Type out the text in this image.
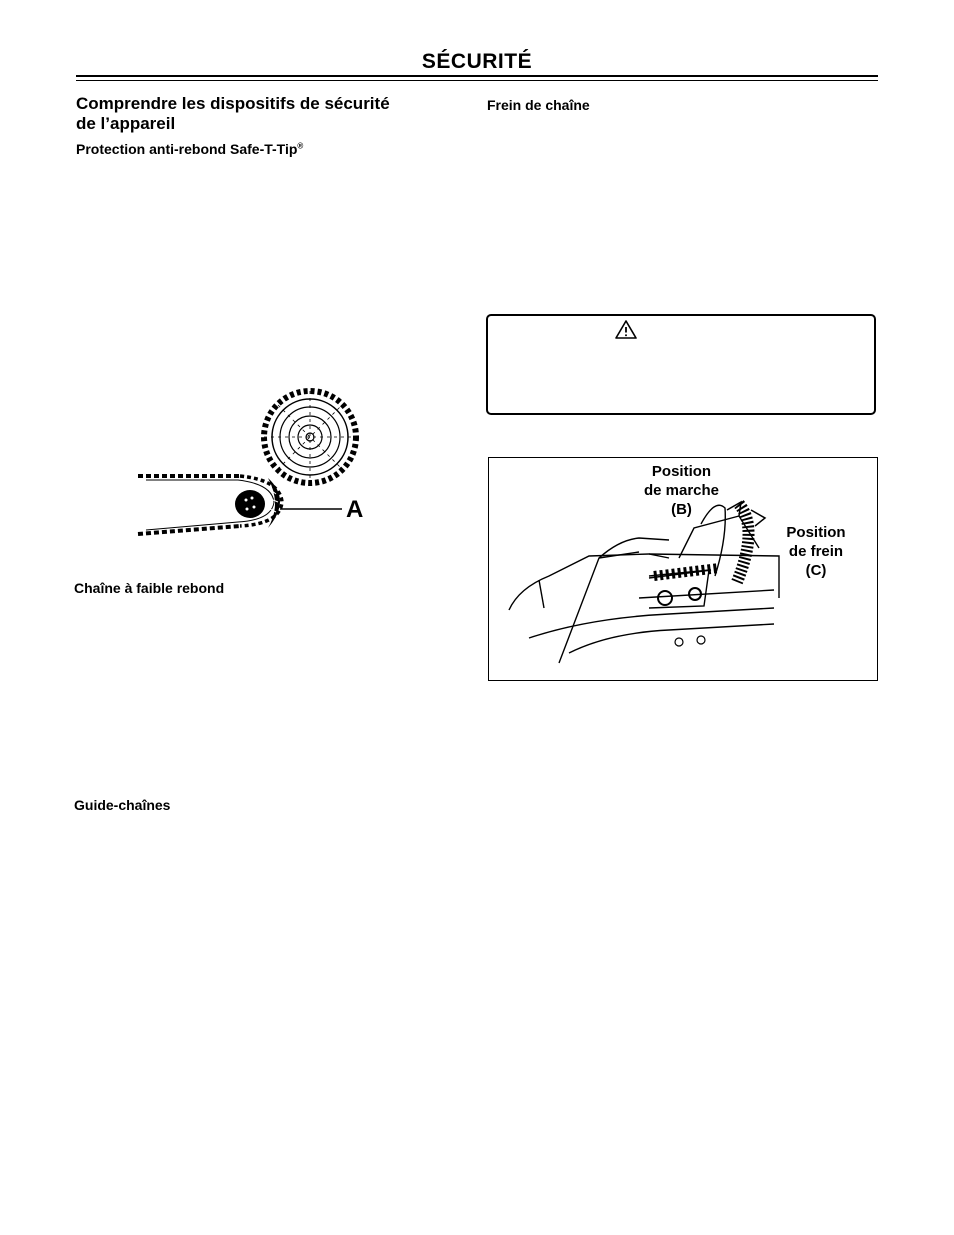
SÉCURITÉ
Comprendre les dispositifs de sécurité de l’appareil
Protection anti-rebond Safe-T-Tip®
Chaîne à faible rebond
Guide-chaînes
Frein de chaîne
A
Position
de marche
(B)
Position
de frein
(C)
